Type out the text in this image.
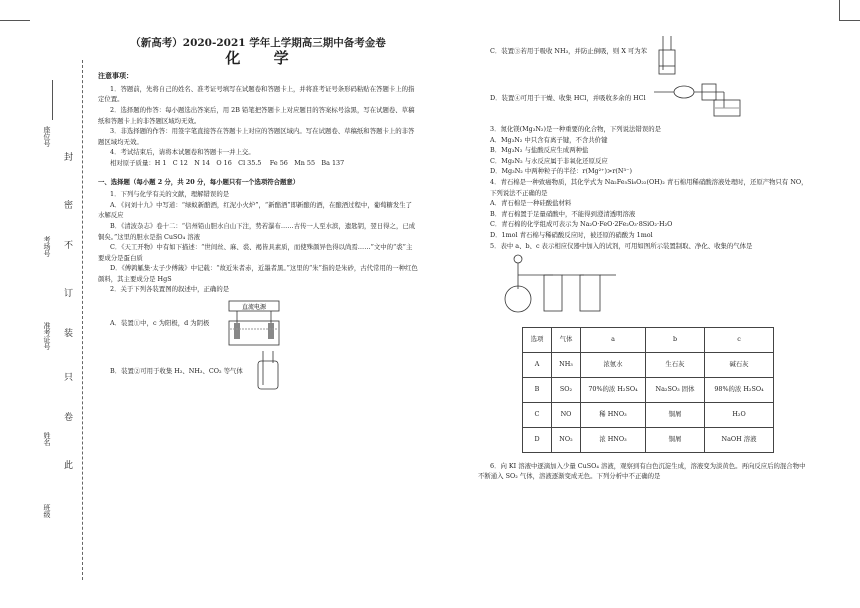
封
密
不
订
装
只
卷
此
座位号
考场号
准考证号
姓名
班级
（新高考）2020-2021 学年上学期高三期中备考金卷
化 学
注意事项：

1．答题前，先将自己的姓名、准考证号填写在试题卷和答题卡上，并将准考证号条形码粘贴在答题卡上的指定位置。

2．选择题的作答：每小题选出答案后，用 2B 铅笔把答题卡上对应题目的答案标号涂黑，写在试题卷、草稿纸和答题卡上的非答题区域均无效。

3．非选择题的作答：用签字笔直接答在答题卡上对应的答题区域内。写在试题卷、草稿纸和答题卡上的非答题区域均无效。

4．考试结束后，请将本试题卷和答题卡一并上交。

相对原子质量：H 1　C 12　N 14　O 16　Cl 35.5　 Fe 56　Mn 55　Ba 137

一、选择题（每小题 2 分，共 20 分，每小题只有一个选项符合题意）

1．下列与化学有关的文献，理解错误的是

A．《问刘十九》中写道：“绿蚁新醅酒，红泥小火炉”，“新醅酒”即新酿的酒，在酿酒过程中，葡萄糖发生了水解反应

B．《清波杂志》卷十二：“信州铅山胆水自山下注，势若瀑布……古传一人至水滨，遗匙钥，翌日得之，已成铜矣。”这里的胆水是指 CuSO₄ 溶液

C．《天工开物》中有如下描述：“世间丝、麻、裘、褐皆具素质，而使殊颜异色得以尚焉……”文中的“裘”主要成分是蛋白质

D．《傅鹑觚集·太子少傅箴》中记载：“故近朱者赤，近墨者黑。”这里的“朱”指的是朱砂，古代常用的一种红色颜料，其主要成分是 HgS

2．关于下列各装置图的叙述中，正确的是

A．装置①中，c 为阳极，d 为阴极
直流电源
B．装置②可用于收集 H₂、NH₃、CO₂ 等气体
C．装置③若用于吸收 NH₃，并防止倒吸，则 X 可为苯
D．装置④可用于干燥、收集 HCl，并吸收多余的 HCl

3．氮化镁(Mg₃N₂)是一种重要的化合物，下列说法错误的是

A．Mg₃N₂ 中只含有离子键，不含共价键

B．Mg₃N₂ 与盐酸反应生成两种盐

C．Mg₃N₂ 与水反应属于非氧化还原反应

D．Mg₃N₂ 中两种粒子的半径：r(Mg²⁺)>r(N³⁻)

4．青石棉是一种致癌物质，其化学式为 Na₂Fe₅Si₈O₂₂(OH)₂ 青石棉用稀硝酸溶液处理时，还原产物只有 NO，下列说法不正确的是

A．青石棉是一种硅酸盐材料

B．青石棉置于足量硝酸中，不能得到澄清透明溶液

C．青石棉的化学组成可表示为 Na₂O·FeO·2Fe₂O₃·8SiO₂·H₂O

D．1mol 青石棉与稀硝酸反应时，被还原的硝酸为 1mol

5．表中 a、b、c 表示相应仪器中加入的试剂，可用如图所示装置制取、净化、收集的气体是

选项	气体	a	b	c
A	NH₃	浓氨水	生石灰	碱石灰
B	SO₂	70%的浓 H₂SO₄	Na₂SO₃ 固体	98%的浓 H₂SO₄
C	NO	稀 HNO₃	铜屑	H₂O
D	NO₂	浓 HNO₃	铜屑	NaOH 溶液

6．向 KI 溶液中逐滴加入少量 CuSO₄ 溶液，观察到有白色沉淀生成，溶液变为淡黄色。再向反应后的混合物中不断通入 SO₂ 气体，溶液逐渐变成无色。下列分析中不正确的是
